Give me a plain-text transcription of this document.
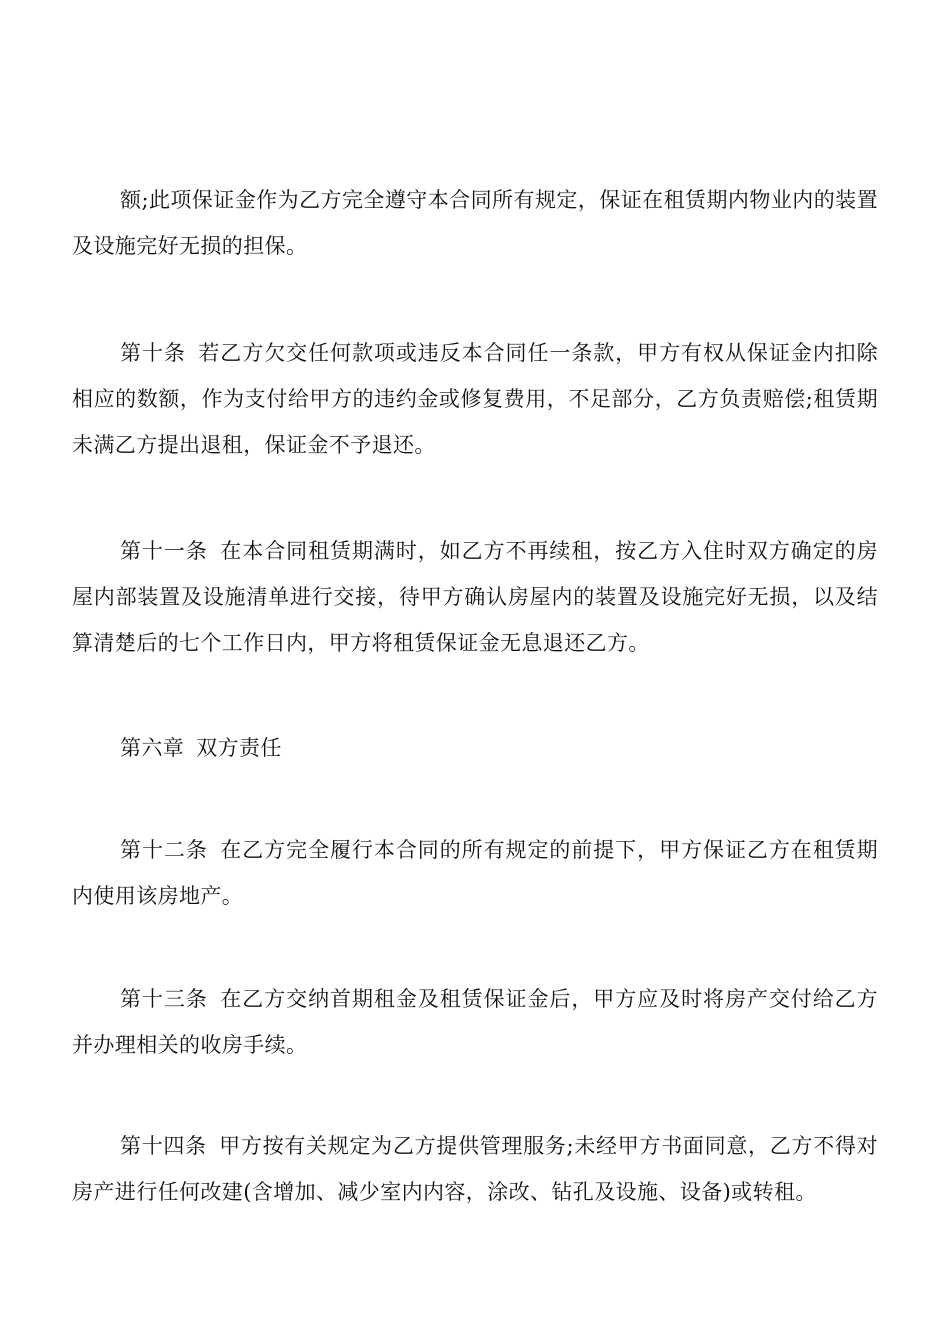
额;此项保证金作为乙方完全遵守本合同所有规定，保证在租赁期内物业内的装置及设施完好无损的担保。

第十条 若乙方欠交任何款项或违反本合同任一条款，甲方有权从保证金内扣除相应的数额，作为支付给甲方的违约金或修复费用，不足部分，乙方负责赔偿;租赁期未满乙方提出退租，保证金不予退还。

第十一条 在本合同租赁期满时，如乙方不再续租，按乙方入住时双方确定的房屋内部装置及设施清单进行交接，待甲方确认房屋内的装置及设施完好无损，以及结算清楚后的七个工作日内，甲方将租赁保证金无息退还乙方。

第六章 双方责任

第十二条 在乙方完全履行本合同的所有规定的前提下，甲方保证乙方在租赁期内使用该房地产。

第十三条 在乙方交纳首期租金及租赁保证金后，甲方应及时将房产交付给乙方并办理相关的收房手续。

第十四条 甲方按有关规定为乙方提供管理服务;未经甲方书面同意，乙方不得对房产进行任何改建(含增加、减少室内内容，涂改、钻孔及设施、设备)或转租。
